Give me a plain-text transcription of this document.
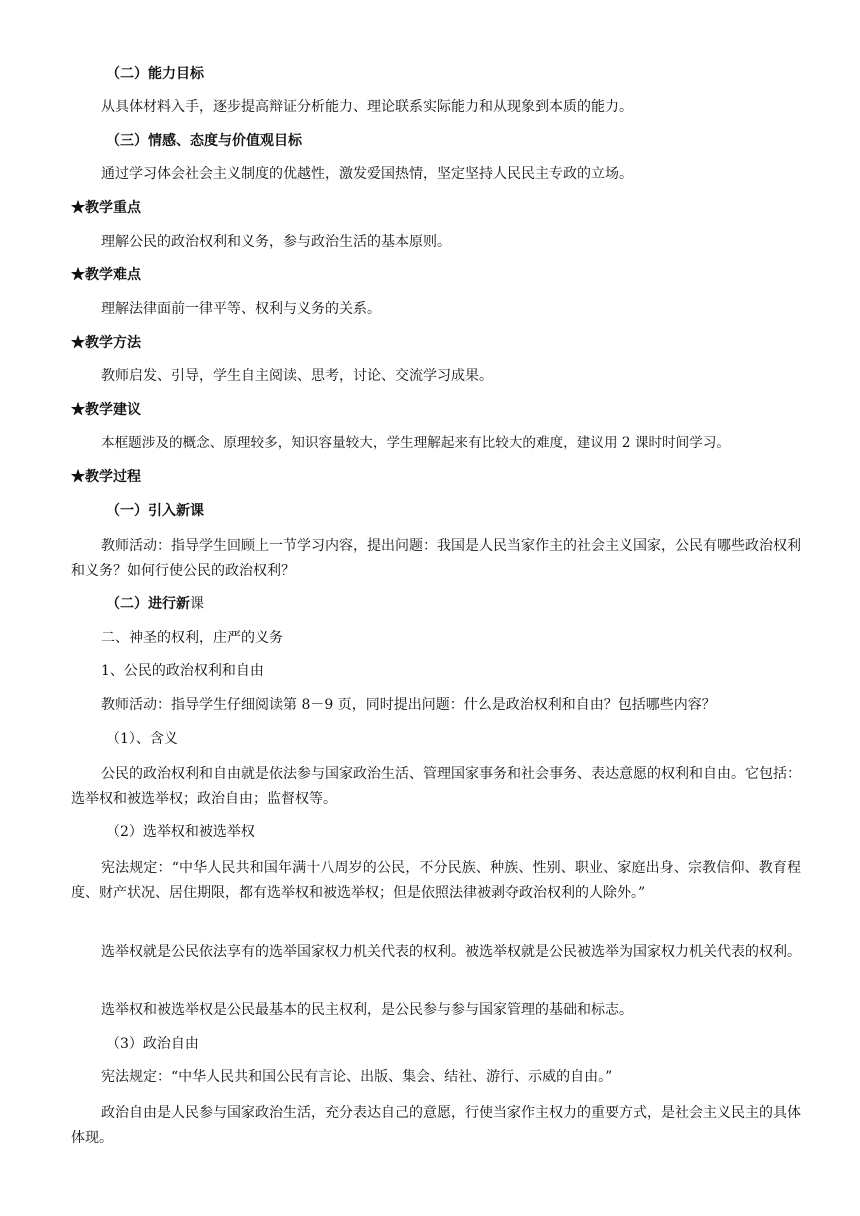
（二）能力目标
从具体材料入手，逐步提高辩证分析能力、理论联系实际能力和从现象到本质的能力。
（三）情感、态度与价值观目标
通过学习体会社会主义制度的优越性，激发爱国热情，坚定坚持人民民主专政的立场。
★教学重点
理解公民的政治权利和义务，参与政治生活的基本原则。
★教学难点
理解法律面前一律平等、权利与义务的关系。
★教学方法
教师启发、引导，学生自主阅读、思考，讨论、交流学习成果。
★教学建议
本框题涉及的概念、原理较多，知识容量较大，学生理解起来有比较大的难度，建议用 2 课时时间学习。
★教学过程
（一）引入新课
教师活动：指导学生回顾上一节学习内容，提出问题：我国是人民当家作主的社会主义国家，公民有哪些政治权利和义务？如何行使公民的政治权利？
（二）进行新课
二、神圣的权利，庄严的义务
1、公民的政治权利和自由
教师活动：指导学生仔细阅读第 8－9 页，同时提出问题：什么是政治权利和自由？包括哪些内容？
（1）、含义
公民的政治权利和自由就是依法参与国家政治生活、管理国家事务和社会事务、表达意愿的权利和自由。它包括：选举权和被选举权；政治自由；监督权等。
（2）选举权和被选举权
宪法规定：“中华人民共和国年满十八周岁的公民，不分民族、种族、性别、职业、家庭出身、宗教信仰、教育程度、财产状况、居住期限，都有选举权和被选举权；但是依照法律被剥夺政治权利的人除外。”
选举权就是公民依法享有的选举国家权力机关代表的权利。被选举权就是公民被选举为国家权力机关代表的权利。
选举权和被选举权是公民最基本的民主权利，是公民参与参与国家管理的基础和标志。
（3）政治自由
宪法规定：“中华人民共和国公民有言论、出版、集会、结社、游行、示威的自由。”
政治自由是人民参与国家政治生活，充分表达自己的意愿，行使当家作主权力的重要方式，是社会主义民主的具体体现。
